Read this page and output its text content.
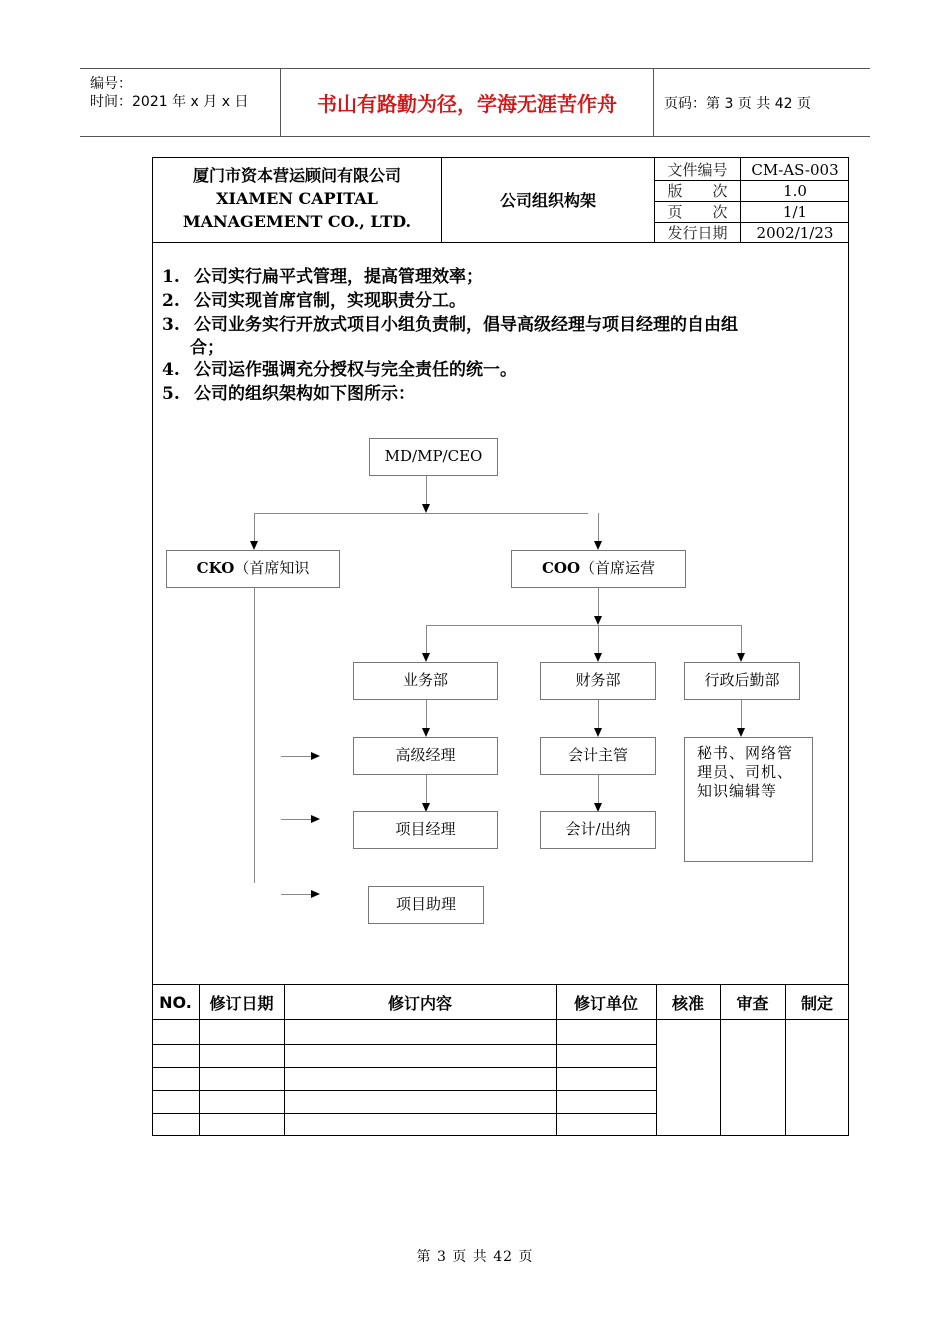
编号：
时间：2021 年 x 月 x 日	书山有路勤为径，学海无涯苦作舟	页码：第 3 页 共 42 页
厦门市资本营运顾问有限公司
XIAMEN CAPITAL
MANAGEMENT CO., LTD.
公司组织构架
文件编号	CM-AS-003
版　　次	1.0
页　　次	1/1
发行日期	2002/1/23
1. 公司实行扁平式管理，提高管理效率；
2. 公司实现首席官制，实现职责分工。
3. 公司业务实行开放式项目小组负责制，倡导高级经理与项目经理的自由组
合；
4. 公司运作强调充分授权与完全责任的统一。
5. 公司的组织架构如下图所示：
MD/MP/CEO
CKO（首席知识	COO（首席运营
业务部	财务部	行政后勤部
高级经理
项目经理
项目助理
会计主管
会计/出纳
秘书、网络管理员、司机、知识编辑等
NO.	修订日期	修订内容	修订单位	核准	审查	制定
第 3 页 共 42 页
